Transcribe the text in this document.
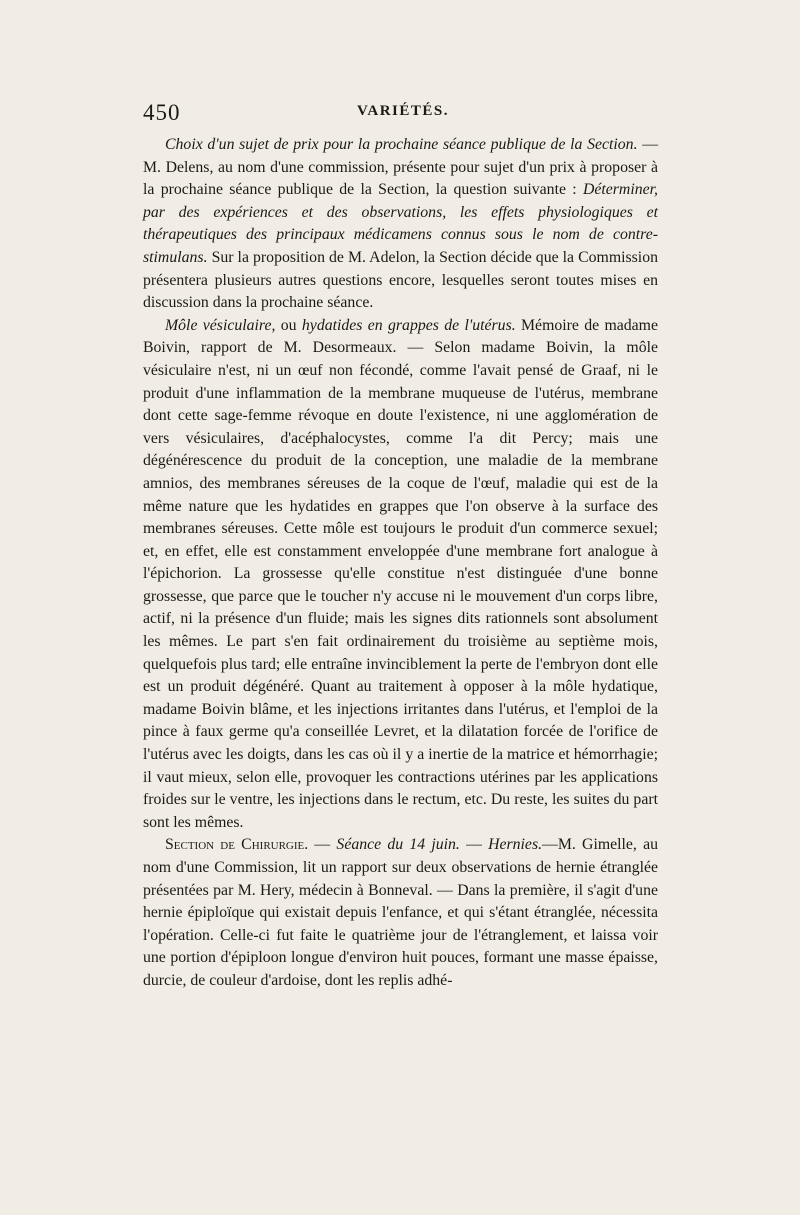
450	VARIÉTÉS.

Choix d'un sujet de prix pour la prochaine séance publique de la Section. — M. Delens, au nom d'une commission, présente pour sujet d'un prix à proposer à la prochaine séance publique de la Section, la question suivante : Déterminer, par des expériences et des observations, les effets physiologiques et thérapeutiques des principaux médicamens connus sous le nom de contre-stimulans. Sur la proposition de M. Adelon, la Section décide que la Commission présentera plusieurs autres questions encore, lesquelles seront toutes mises en discussion dans la prochaine séance.

Môle vésiculaire, ou hydatides en grappes de l'utérus. Mémoire de madame Boivin, rapport de M. Desormeaux. — Selon madame Boivin, la môle vésiculaire n'est, ni un œuf non fécondé, comme l'avait pensé de Graaf, ni le produit d'une inflammation de la membrane muqueuse de l'utérus, membrane dont cette sage-femme révoque en doute l'existence, ni une agglomération de vers vésiculaires, d'acéphalocystes, comme l'a dit Percy; mais une dégénérescence du produit de la conception, une maladie de la membrane amnios, des membranes séreuses de la coque de l'œuf, maladie qui est de la même nature que les hydatides en grappes que l'on observe à la surface des membranes séreuses. Cette môle est toujours le produit d'un commerce sexuel; et, en effet, elle est constamment enveloppée d'une membrane fort analogue à l'épichorion. La grossesse qu'elle constitue n'est distinguée d'une bonne grossesse, que parce que le toucher n'y accuse ni le mouvement d'un corps libre, actif, ni la présence d'un fluide; mais les signes dits rationnels sont absolument les mêmes. Le part s'en fait ordinairement du troisième au septième mois, quelquefois plus tard; elle entraîne invinciblement la perte de l'embryon dont elle est un produit dégénéré. Quant au traitement à opposer à la môle hydatique, madame Boivin blâme, et les injections irritantes dans l'utérus, et l'emploi de la pince à faux germe qu'a conseillée Levret, et la dilatation forcée de l'orifice de l'utérus avec les doigts, dans les cas où il y a inertie de la matrice et hémorrhagie; il vaut mieux, selon elle, provoquer les contractions utérines par les applications froides sur le ventre, les injections dans le rectum, etc. Du reste, les suites du part sont les mêmes.

Section de Chirurgie. — Séance du 14 juin. — Hernies.—M. Gimelle, au nom d'une Commission, lit un rapport sur deux observations de hernie étranglée présentées par M. Hery, médecin à Bonneval. — Dans la première, il s'agit d'une hernie épiploïque qui existait depuis l'enfance, et qui s'étant étranglée, nécessita l'opération. Celle-ci fut faite le quatrième jour de l'étranglement, et laissa voir une portion d'épiploon longue d'environ huit pouces, formant une masse épaisse, durcie, de couleur d'ardoise, dont les replis adhé-
